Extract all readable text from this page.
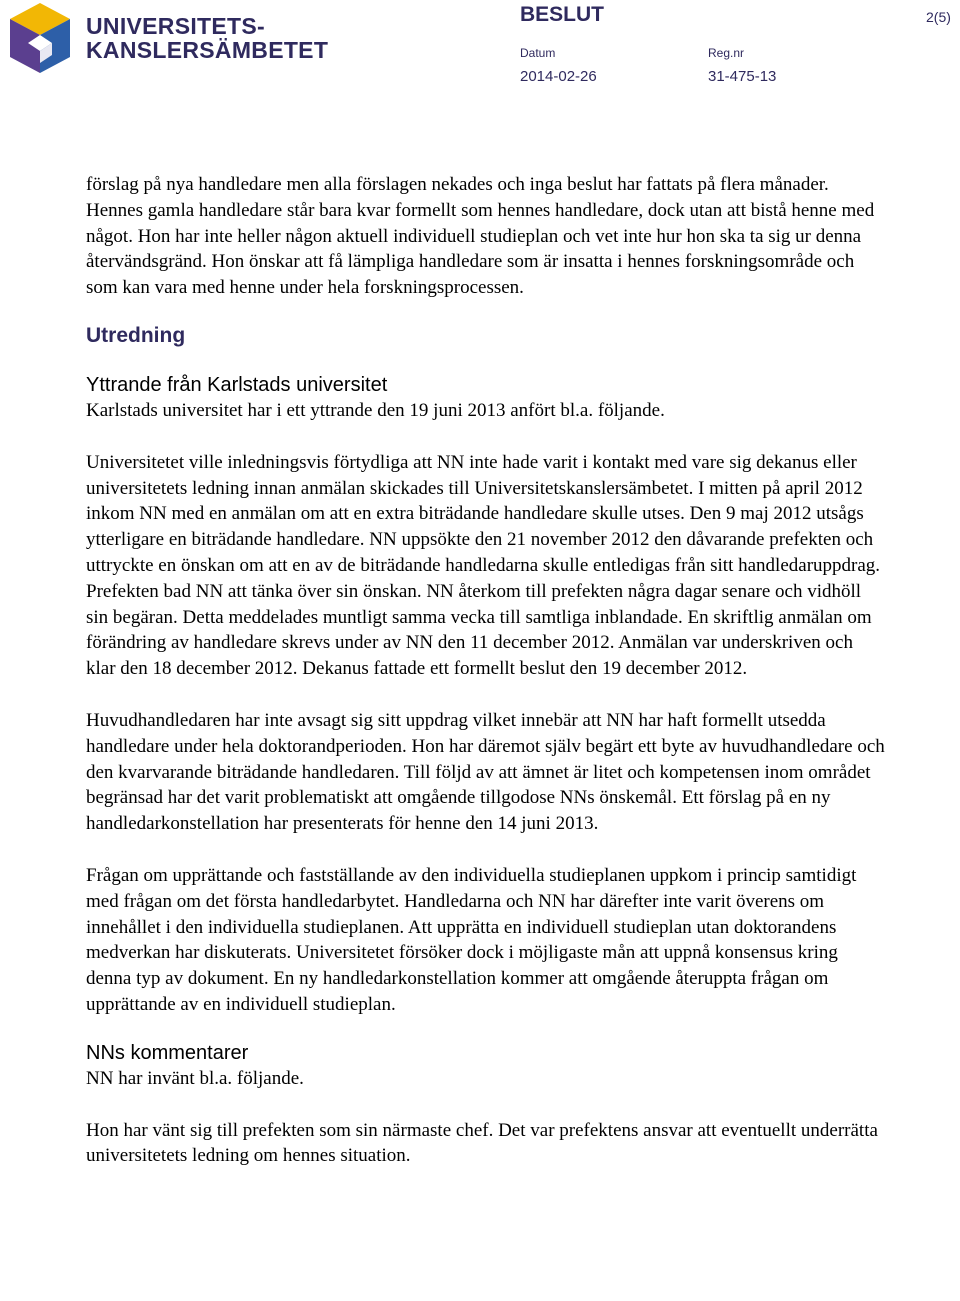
UNIVERSITETS-
KANSLERSÄMBETET
BESLUT	2(5)
Datum	Reg.nr
2014-02-26	31-475-13

förslag på nya handledare men alla förslagen nekades och inga beslut har fattats på flera månader. Hennes gamla handledare står bara kvar formellt som hennes handledare, dock utan att bistå henne med något. Hon har inte heller någon aktuell individuell studieplan och vet inte hur hon ska ta sig ur denna återvändsgränd. Hon önskar att få lämpliga handledare som är insatta i hennes forskningsområde och som kan vara med henne under hela forskningsprocessen.

Utredning
Yttrande från Karlstads universitet

Karlstads universitet har i ett yttrande den 19 juni 2013 anfört bl.a. följande.

Universitetet ville inledningsvis förtydliga att NN inte hade varit i kontakt med vare sig dekanus eller universitetets ledning innan anmälan skickades till Universitetskanslersämbetet. I mitten på april 2012 inkom NN med en anmälan om att en extra biträdande handledare skulle utses. Den 9 maj 2012 utsågs ytterligare en biträdande handledare. NN uppsökte den 21 november 2012 den dåvarande prefekten och uttryckte en önskan om att en av de biträdande handledarna skulle entledigas från sitt handledaruppdrag. Prefekten bad NN att tänka över sin önskan. NN återkom till prefekten några dagar senare och vidhöll sin begäran. Detta meddelades muntligt samma vecka till samtliga inblandade. En skriftlig anmälan om förändring av handledare skrevs under av NN den 11 december 2012. Anmälan var underskriven och klar den 18 december 2012. Dekanus fattade ett formellt beslut den 19 december 2012.

Huvudhandledaren har inte avsagt sig sitt uppdrag vilket innebär att NN har haft formellt utsedda handledare under hela doktorandperioden. Hon har däremot själv begärt ett byte av huvudhandledare och den kvarvarande biträdande handledaren. Till följd av att ämnet är litet och kompetensen inom området begränsad har det varit problematiskt att omgående tillgodose NNs önskemål. Ett förslag på en ny handledarkonstellation har presenterats för henne den 14 juni 2013.

Frågan om upprättande och fastställande av den individuella studieplanen uppkom i princip samtidigt med frågan om det första handledarbytet. Handledarna och NN har därefter inte varit överens om innehållet i den individuella studieplanen. Att upprätta en individuell studieplan utan doktorandens medverkan har diskuterats. Universitetet försöker dock i möjligaste mån att uppnå konsensus kring denna typ av dokument. En ny handledarkonstellation kommer att omgående återuppta frågan om upprättande av en individuell studieplan.

NNs kommentarer

NN har invänt bl.a. följande.

Hon har vänt sig till prefekten som sin närmaste chef. Det var prefektens ansvar att eventuellt underrätta universitetets ledning om hennes situation.
